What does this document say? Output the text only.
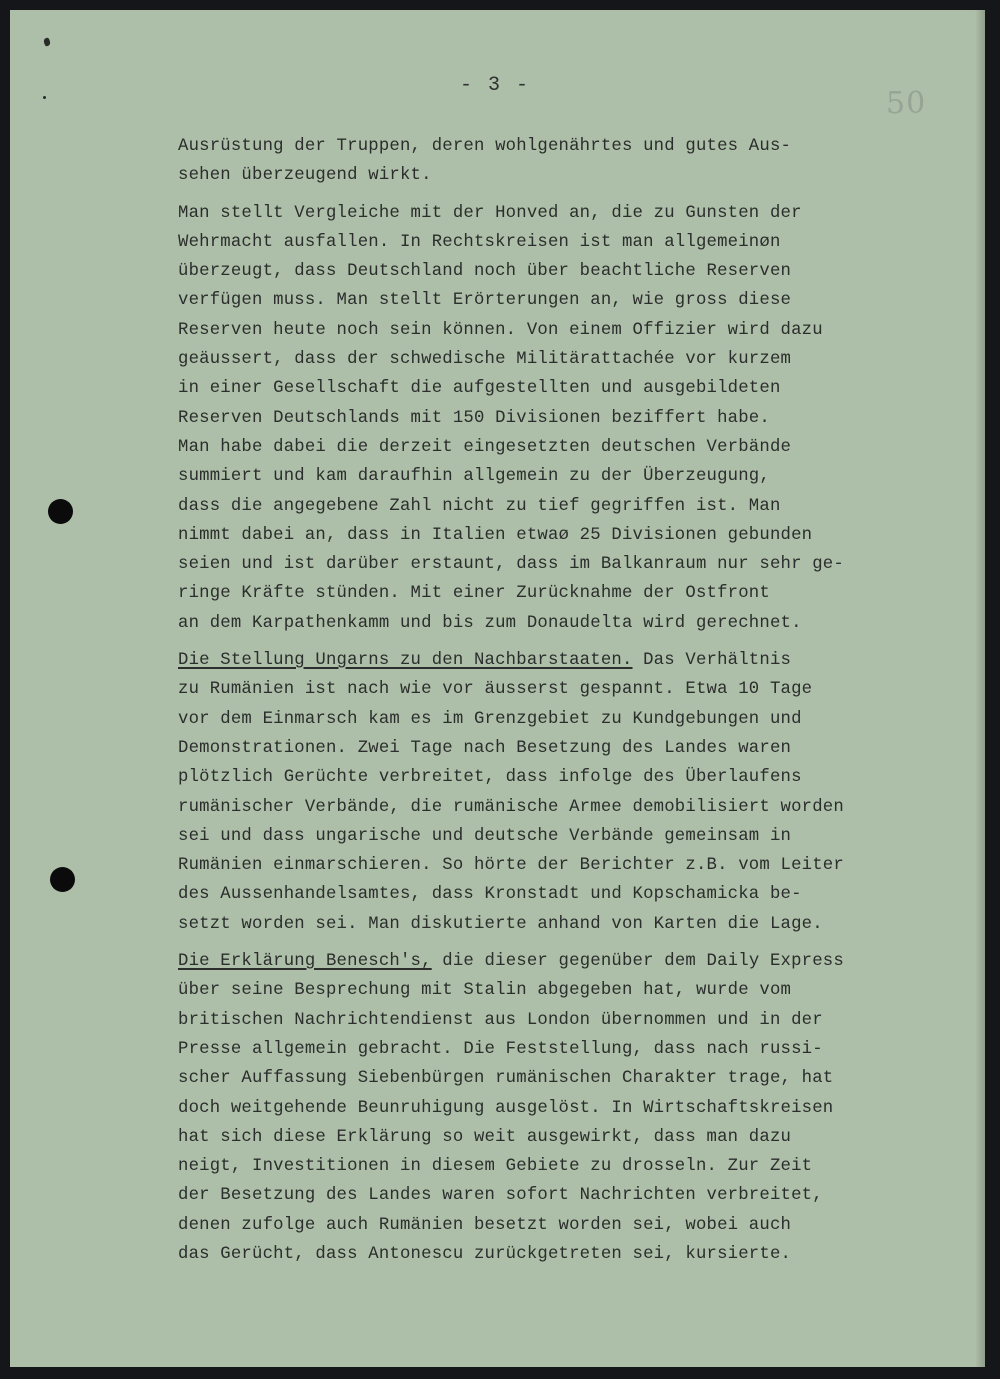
- 3 -
50
Ausrüstung der Truppen, deren wohlgenährtes und gutes Aus-
sehen überzeugend wirkt.
Man stellt Vergleiche mit der Honved an, die zu Gunsten der
Wehrmacht ausfallen. In Rechtskreisen ist man allgemeinøn
überzeugt, dass Deutschland noch über beachtliche Reserven
verfügen muss. Man stellt Erörterungen an, wie gross diese
Reserven heute noch sein können. Von einem Offizier wird dazu
geäussert, dass der schwedische Militärattachée vor kurzem
in einer Gesellschaft die aufgestellten und ausgebildeten
Reserven Deutschlands mit 150 Divisionen beziffert habe.
Man habe dabei die derzeit eingesetzten deutschen Verbände
summiert und kam daraufhin allgemein zu der Überzeugung,
dass die angegebene Zahl nicht zu tief gegriffen ist. Man
nimmt dabei an, dass in Italien etwaø 25 Divisionen gebunden
seien und ist darüber erstaunt, dass im Balkanraum nur sehr ge-
ringe Kräfte stünden. Mit einer Zurücknahme der Ostfront
an dem Karpathenkamm und bis zum Donaudelta wird gerechnet.
Die Stellung Ungarns zu den Nachbarstaaten. Das Verhältnis
zu Rumänien ist nach wie vor äusserst gespannt. Etwa 10 Tage
vor dem Einmarsch kam es im Grenzgebiet zu Kundgebungen und
Demonstrationen. Zwei Tage nach Besetzung des Landes waren
plötzlich Gerüchte verbreitet, dass infolge des Überlaufens
rumänischer Verbände, die rumänische Armee demobilisiert worden
sei und dass ungarische und deutsche Verbände gemeinsam in
Rumänien einmarschieren. So hörte der Berichter z.B. vom Leiter
des Aussenhandelsamtes, dass Kronstadt und Kopschamicka be-
setzt worden sei. Man diskutierte anhand von Karten die Lage.
Die Erklärung Benesch's, die dieser gegenüber dem Daily Express
über seine Besprechung mit Stalin abgegeben hat, wurde vom
britischen Nachrichtendienst aus London übernommen und in der
Presse allgemein gebracht. Die Feststellung, dass nach russi-
scher Auffassung Siebenbürgen rumänischen Charakter trage, hat
doch weitgehende Beunruhigung ausgelöst. In Wirtschaftskreisen
hat sich diese Erklärung so weit ausgewirkt, dass man dazu
neigt, Investitionen in diesem Gebiete zu drosseln. Zur Zeit
der Besetzung des Landes waren sofort Nachrichten verbreitet,
denen zufolge auch Rumänien besetzt worden sei, wobei auch
das Gerücht, dass Antonescu zurückgetreten sei, kursierte.
